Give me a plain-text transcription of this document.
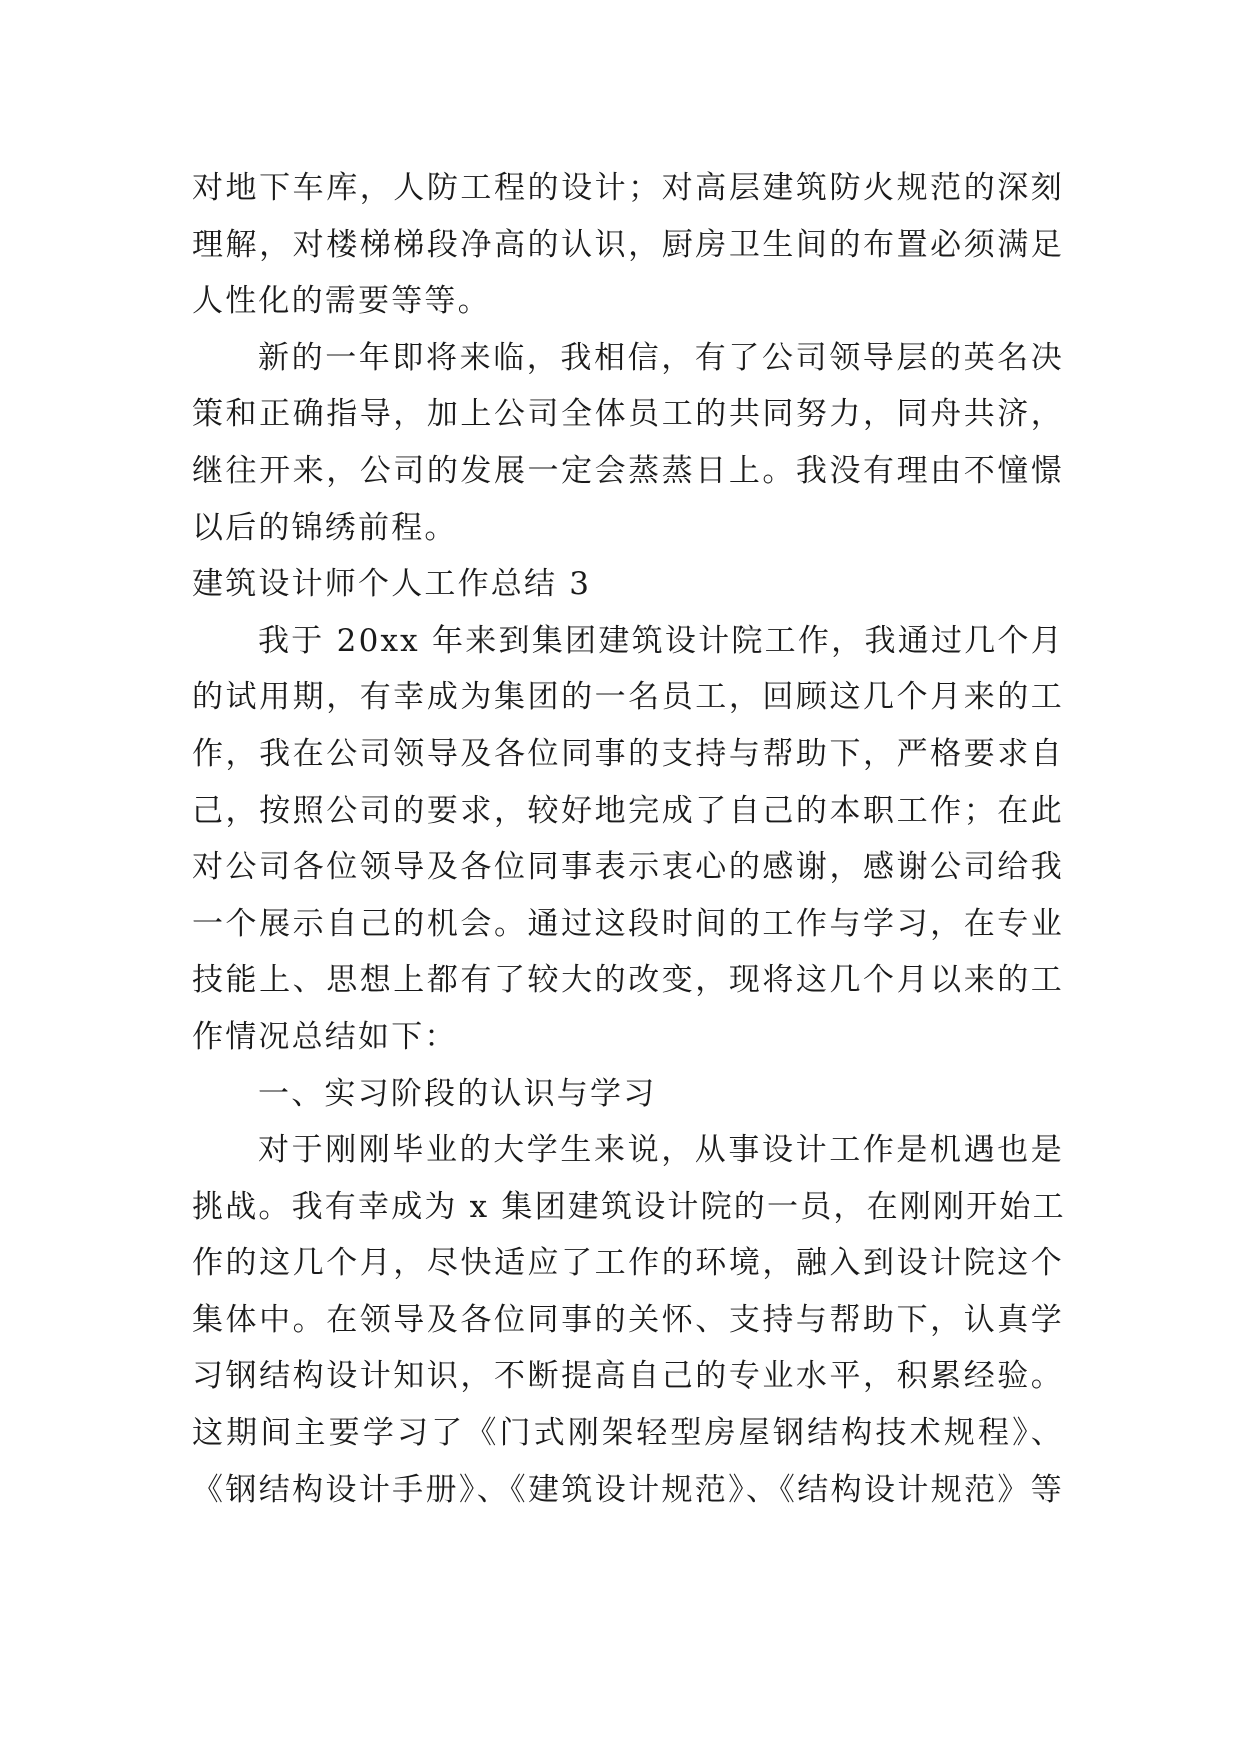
对地下车库，人防工程的设计；对高层建筑防火规范的深刻
理解，对楼梯梯段净高的认识，厨房卫生间的布置必须满足
人性化的需要等等。
新的一年即将来临，我相信，有了公司领导层的英名决
策和正确指导，加上公司全体员工的共同努力，同舟共济，
继往开来，公司的发展一定会蒸蒸日上。我没有理由不憧憬
以后的锦绣前程。
建筑设计师个人工作总结 3
我于 20xx 年来到集团建筑设计院工作，我通过几个月
的试用期，有幸成为集团的一名员工，回顾这几个月来的工
作，我在公司领导及各位同事的支持与帮助下，严格要求自
己，按照公司的要求，较好地完成了自己的本职工作；在此
对公司各位领导及各位同事表示衷心的感谢，感谢公司给我
一个展示自己的机会。通过这段时间的工作与学习，在专业
技能上、思想上都有了较大的改变，现将这几个月以来的工
作情况总结如下：
一、实习阶段的认识与学习
对于刚刚毕业的大学生来说，从事设计工作是机遇也是
挑战。我有幸成为 x 集团建筑设计院的一员，在刚刚开始工
作的这几个月，尽快适应了工作的环境，融入到设计院这个
集体中。在领导及各位同事的关怀、支持与帮助下，认真学
习钢结构设计知识，不断提高自己的专业水平，积累经验。
这期间主要学习了《门式刚架轻型房屋钢结构技术规程》、
《钢结构设计手册》、《建筑设计规范》、《结构设计规范》等
